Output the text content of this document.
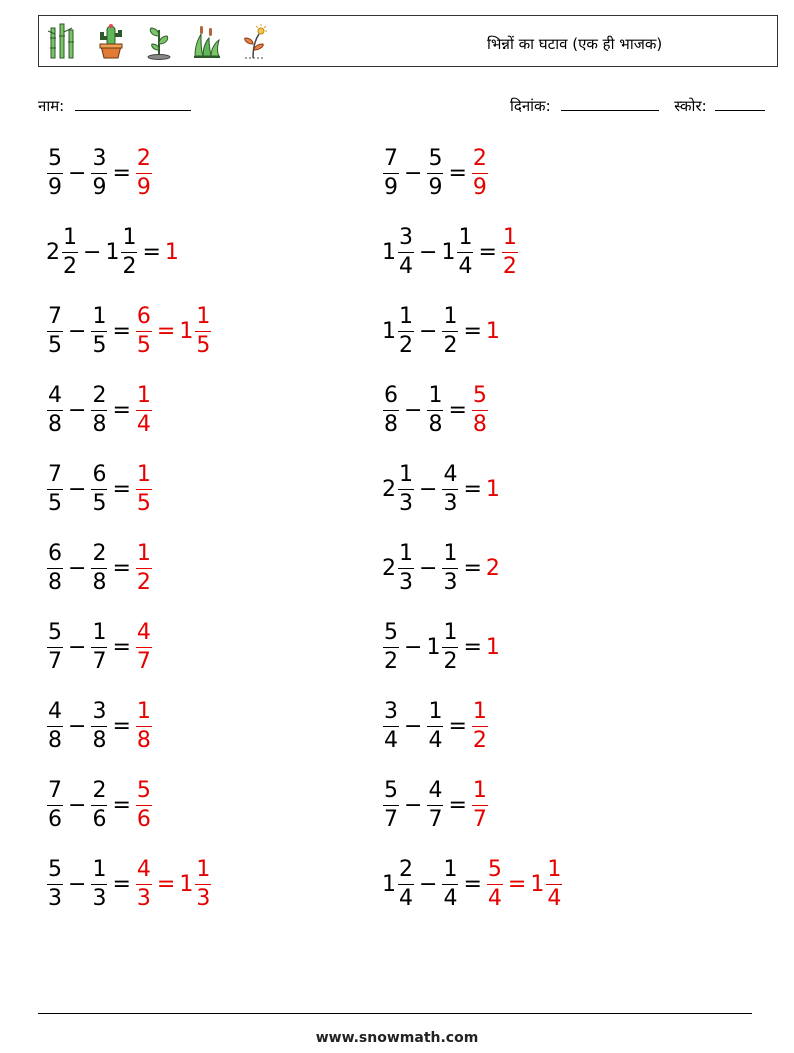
भिन्नों का घटाव (एक ही भाजक)
नाम:	दिनांक:	स्कोर:
$\frac{5}{9} - \frac{3}{9} = \frac{2}{9}$	$\frac{7}{9} - \frac{5}{9} = \frac{2}{9}$
$2 \frac{1}{2} - 1 \frac{1}{2} = 1$	$1 \frac{3}{4} - 1 \frac{1}{4} = \frac{1}{2}$
$\frac{7}{5} - \frac{1}{5} = \frac{6}{5} = 1 \frac{1}{5}$	$1 \frac{1}{2} - \frac{1}{2} = 1$
$\frac{4}{8} - \frac{2}{8} = \frac{1}{4}$	$\frac{6}{8} - \frac{1}{8} = \frac{5}{8}$
$\frac{7}{5} - \frac{6}{5} = \frac{1}{5}$	$2 \frac{1}{3} - \frac{4}{3} = 1$
$\frac{6}{8} - \frac{2}{8} = \frac{1}{2}$	$2 \frac{1}{3} - \frac{1}{3} = 2$
$\frac{5}{7} - \frac{1}{7} = \frac{4}{7}$	$\frac{5}{2} - 1 \frac{1}{2} = 1$
$\frac{4}{8} - \frac{3}{8} = \frac{1}{8}$	$\frac{3}{4} - \frac{1}{4} = \frac{1}{2}$
$\frac{7}{6} - \frac{2}{6} = \frac{5}{6}$	$\frac{5}{7} - \frac{4}{7} = \frac{1}{7}$
$\frac{5}{3} - \frac{1}{3} = \frac{4}{3} = 1 \frac{1}{3}$	$1 \frac{2}{4} - \frac{1}{4} = \frac{5}{4} = 1 \frac{1}{4}$
www.snowmath.com
